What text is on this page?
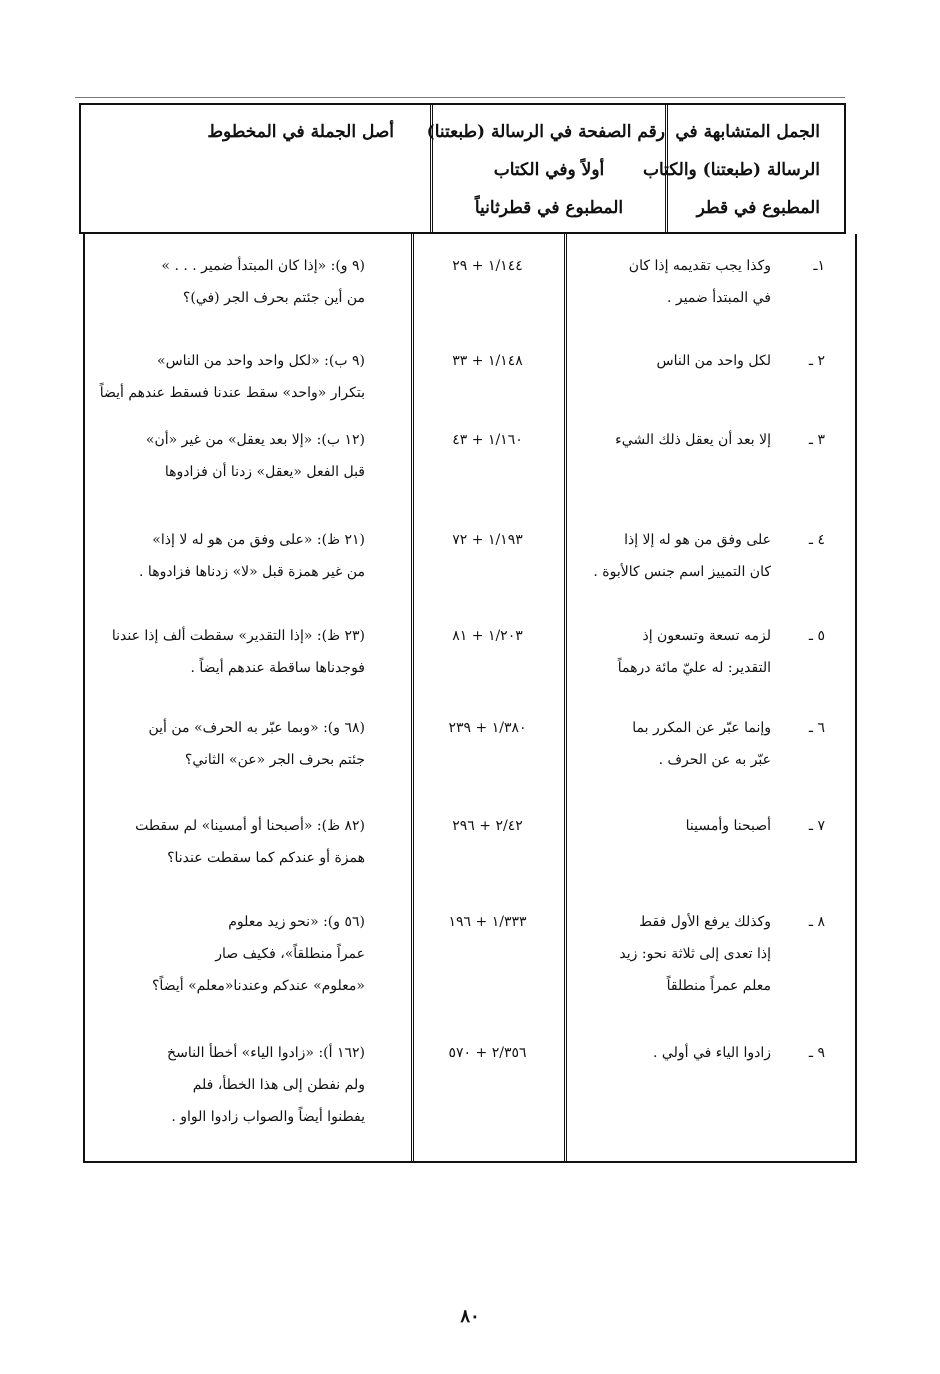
الجمل المتشابهة في
الرسالة (طبعتنا) والكتاب
المطبوع في قطر
رقم الصفحة في الرسالة (طبعتنا)
أولاً وفي الكتاب
المطبوع في قطرثانياً
أصل الجملة في المخطوط
١ـ
وكذا يجب تقديمه إذا كان
في المبتدأ ضمير .
١/١٤٤ + ٢٩
(٩ و): «إذا كان المبتدأ ضمير . . . »
من أين جئتم بحرف الجر (في)؟
٢ ـ
لكل واحد من الناس
١/١٤٨ + ٣٣
(٩ ب): «لكل واحد واحد من الناس»
بتكرار «واحد» سقط عندنا فسقط عندهم أيضاً
٣ ـ
إلا بعد أن يعقل ذلك الشيء
١/١٦٠ + ٤٣
(١٢ ب): «إلا بعد يعقل» من غير «أن»
قبل الفعل «يعقل» زدنا أن فزادوها
٤ ـ
على وفق من هو له إلا إذا
كان التمييز اسم جنس كالأبوة .
١/١٩٣ + ٧٢
(٢١ ظ): «على وفق من هو له لا إذا»
من غير همزة قبل «لا» زدناها فزادوها .
٥ ـ
لزمه تسعة وتسعون إذ
التقدير: له عليّ مائة درهماً
١/٢٠٣ + ٨١
(٢٣ ظ): «إذا التقدير» سقطت ألف إذا عندنا
فوجدناها ساقطة عندهم أيضاً .
٦ ـ
وإنما عبّر عن المكرر بما
عبّر به عن الحرف .
١/٣٨٠ + ٢٣٩
(٦٨ و): «وبما عبّر به الحرف» من أين
جئتم بحرف الجر «عن» الثاني؟
٧ ـ
أصبحنا وأمسينا
٢/٤٢ + ٢٩٦
(٨٢ ظ): «أصبحنا أو أمسينا» لم سقطت
همزة أو عندكم كما سقطت عندنا؟
٨ ـ
وكذلك يرفع الأول فقط
إذا تعدى إلى ثلاثة نحو: زيد
معلم عمراً منطلقاً
١/٣٣٣ + ١٩٦
(٥٦ و): «نحو زيد معلوم
عمراً منطلقاً»، فكيف صار
«معلوم» عندكم وعندنا«معلم» أيضاً؟
٩ ـ
زادوا الياء في أولي .
٢/٣٥٦ + ٥٧٠
(١٦٢ أ): «زادوا الياء» أخطأ الناسخ
ولم نفطن إلى هذا الخطأ، فلم
يفطنوا أيضاً والصواب زادوا الواو .
٨٠
